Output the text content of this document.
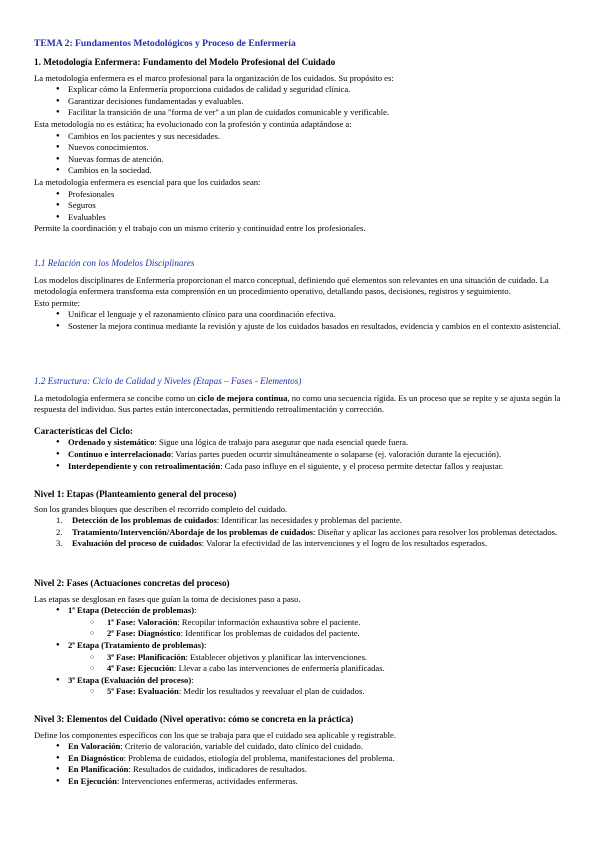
TEMA 2: Fundamentos Metodológicos y Proceso de Enfermería

1. Metodología Enfermera: Fundamento del Modelo Profesional del Cuidado

La metodología enfermera es el marco profesional para la organización de los cuidados. Su propósito es:

● Explicar cómo la Enfermería proporciona cuidados de calidad y seguridad clínica.
● Garantizar decisiones fundamentadas y evaluables.
● Facilitar la transición de una "forma de ver" a un plan de cuidados comunicable y verificable.

Esta metodología no es estática; ha evolucionado con la profesión y continúa adaptándose a:

● Cambios en los pacientes y sus necesidades.
● Nuevos conocimientos.
● Nuevas formas de atención.
● Cambios en la sociedad.

La metodología enfermera es esencial para que los cuidados sean:

● Profesionales
● Seguros
● Evaluables

Permite la coordinación y el trabajo con un mismo criterio y continuidad entre los profesionales.

1.1 Relación con los Modelos Disciplinares

Los modelos disciplinares de Enfermería proporcionan el marco conceptual, definiendo qué elementos son relevantes en una situación de cuidado. La metodología enfermera transforma esta comprensión en un procedimiento operativo, detallando pasos, decisiones, registros y seguimiento.

Esto permite:

● Unificar el lenguaje y el razonamiento clínico para una coordinación efectiva.
● Sostener la mejora continua mediante la revisión y ajuste de los cuidados basados en resultados, evidencia y cambios en el contexto asistencial.

1.2 Estructura: Ciclo de Calidad y Niveles (Etapas – Fases - Elementos)

La metodología enfermera se concibe como un ciclo de mejora continua, no como una secuencia rígida. Es un proceso que se repite y se ajusta según la respuesta del individuo. Sus partes están interconectadas, permitiendo retroalimentación y corrección.

Características del Ciclo:

● Ordenado y sistemático: Sigue una lógica de trabajo para asegurar que nada esencial quede fuera.
● Continuo e interrelacionado: Varias partes pueden ocurrir simultáneamente o solaparse (ej. valoración durante la ejecución).
● Interdependiente y con retroalimentación: Cada paso influye en el siguiente, y el proceso permite detectar fallos y reajustar.

Nivel 1: Etapas (Planteamiento general del proceso)

Son los grandes bloques que describen el recorrido completo del cuidado.

1. Detección de los problemas de cuidados: Identificar las necesidades y problemas del paciente.
2. Tratamiento/Intervención/Abordaje de los problemas de cuidados: Diseñar y aplicar las acciones para resolver los problemas detectados.
3. Evaluación del proceso de cuidados: Valorar la efectividad de las intervenciones y el logro de los resultados esperados.

Nivel 2: Fases (Actuaciones concretas del proceso)

Las etapas se desglosan en fases que guían la toma de decisiones paso a paso.

● 1ª Etapa (Detección de problemas):
○ 1ª Fase: Valoración: Recopilar información exhaustiva sobre el paciente.
○ 2ª Fase: Diagnóstico: Identificar los problemas de cuidados del paciente.
● 2ª Etapa (Tratamiento de problemas):
○ 3ª Fase: Planificación: Establecer objetivos y planificar las intervenciones.
○ 4ª Fase: Ejecución: Llevar a cabo las intervenciones de enfermería planificadas.
● 3ª Etapa (Evaluación del proceso):
○ 5ª Fase: Evaluación: Medir los resultados y reevaluar el plan de cuidados.

Nivel 3: Elementos del Cuidado (Nivel operativo: cómo se concreta en la práctica)

Define los componentes específicos con los que se trabaja para que el cuidado sea aplicable y registrable.

● En Valoración: Criterio de valoración, variable del cuidado, dato clínico del cuidado.
● En Diagnóstico: Problema de cuidados, etiología del problema, manifestaciones del problema.
● En Planificación: Resultados de cuidados, indicadores de resultados.
● En Ejecución: Intervenciones enfermeras, actividades enfermeras.
